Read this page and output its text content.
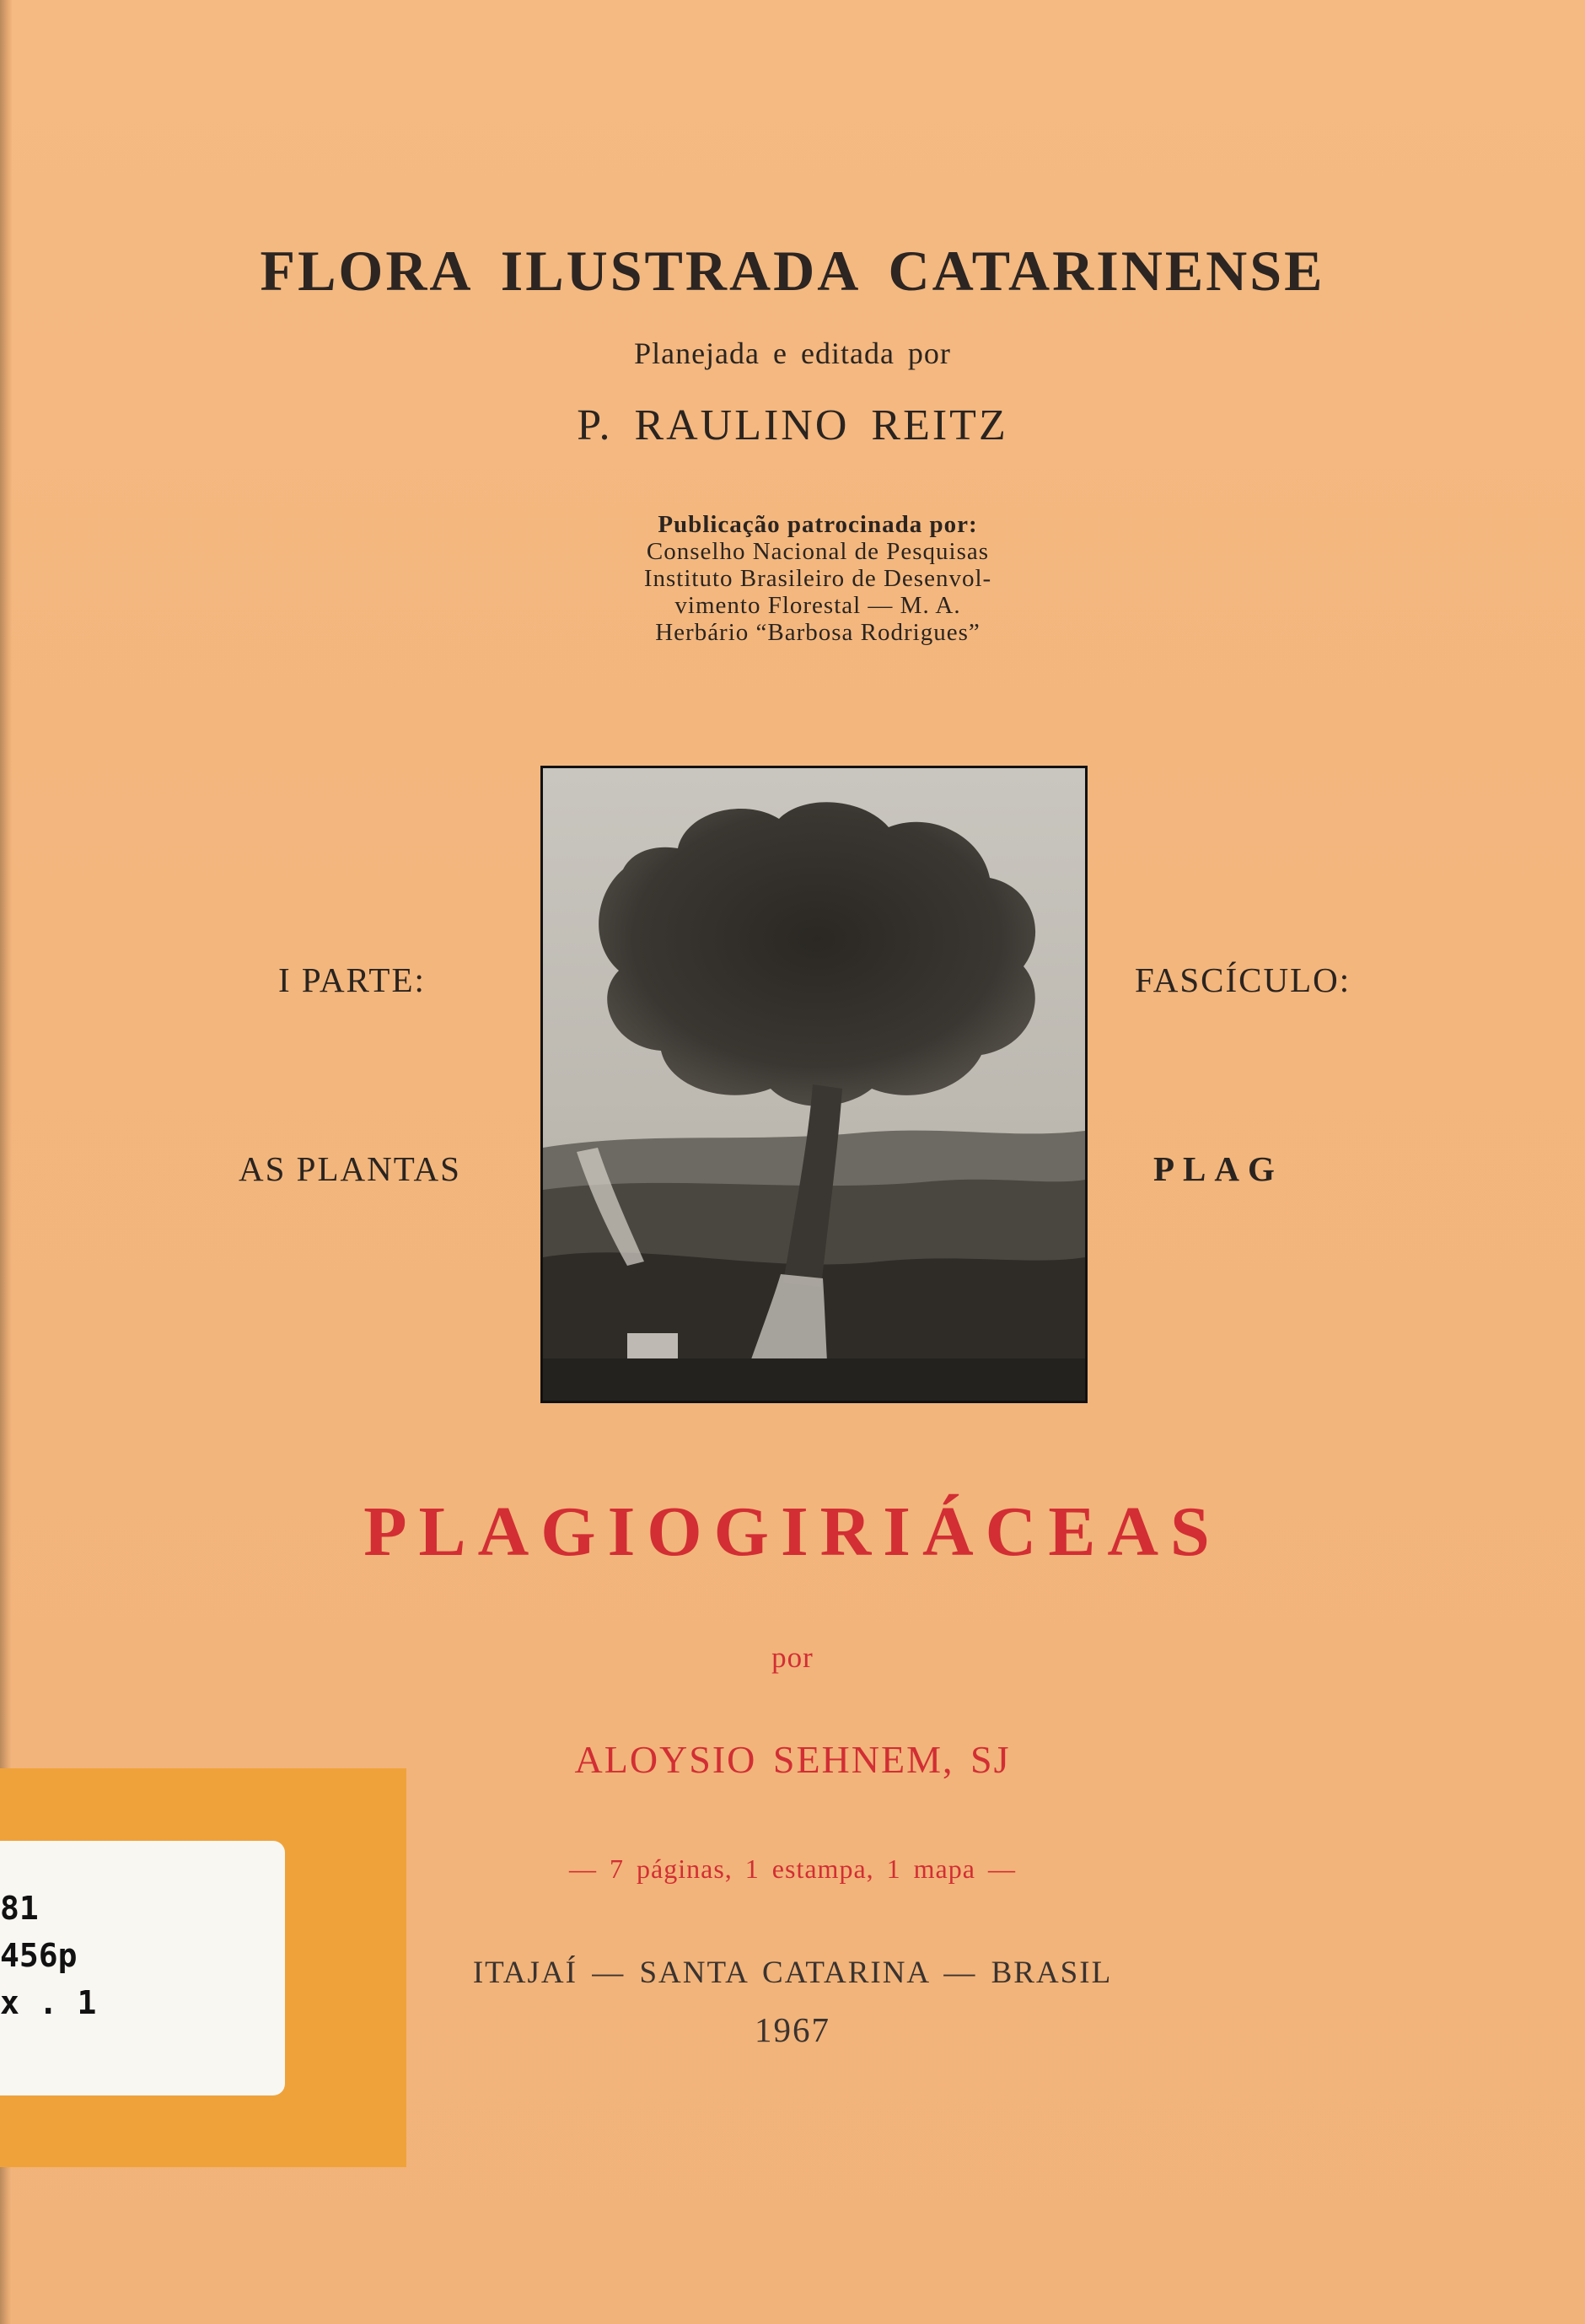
FLORA ILUSTRADA CATARINENSE
Planejada e editada por
P. RAULINO REITZ
Publicação patrocinada por:
Conselho Nacional de Pesquisas
Instituto Brasileiro de Desenvol-
vimento Florestal — M. A.
Herbário “Barbosa Rodrigues”
I PARTE:
AS PLANTAS
FASCÍCULO:
PLAG
PLAGIOGIRIÁCEAS
por
ALOYSIO SEHNEM, SJ
— 7 páginas, 1 estampa, 1 mapa —
ITAJAÍ — SANTA CATARINA — BRASIL
1967
81
456p
x . 1
